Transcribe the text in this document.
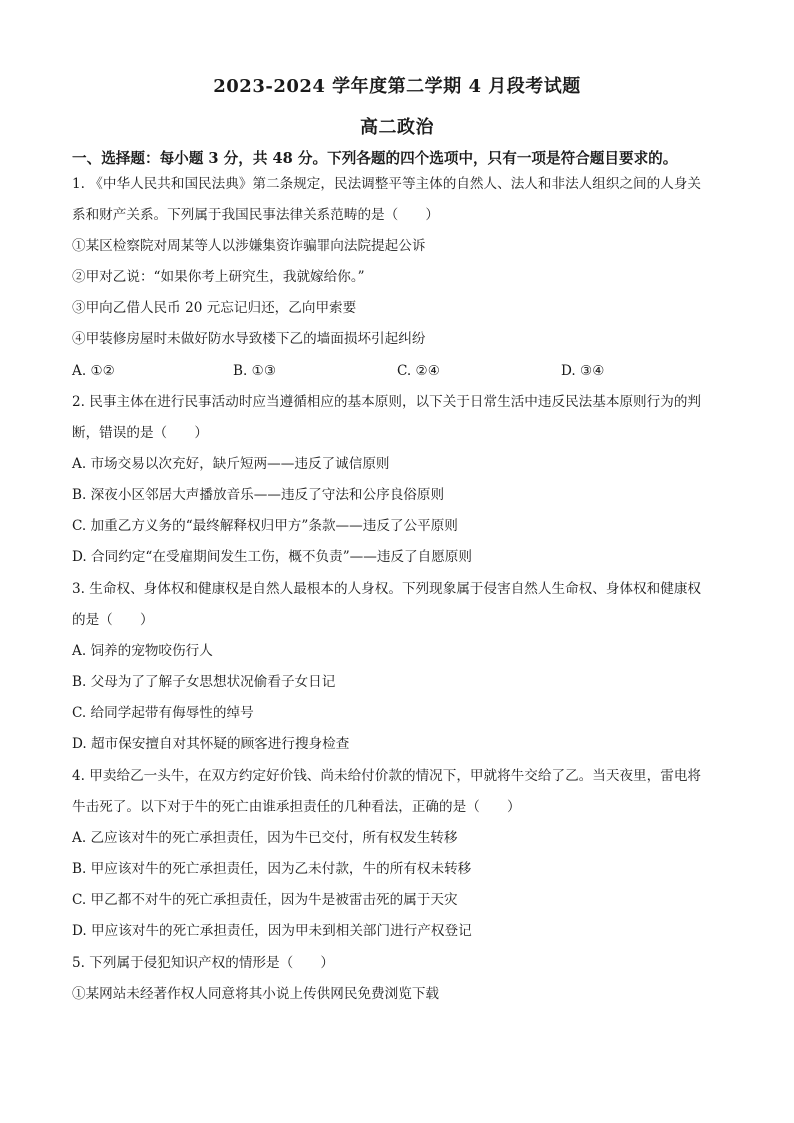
2023-2024 学年度第二学期 4 月段考试题
高二政治
一、选择题：每小题 3 分，共 48 分。下列各题的四个选项中，只有一项是符合题目要求的。
1. 《中华人民共和国民法典》第二条规定，民法调整平等主体的自然人、法人和非法人组织之间的人身关
系和财产关系。下列属于我国民事法律关系范畴的是（　　）
①某区检察院对周某等人以涉嫌集资诈骗罪向法院提起公诉
②甲对乙说：“如果你考上研究生，我就嫁给你。”
③甲向乙借人民币 20 元忘记归还，乙向甲索要
④甲装修房屋时未做好防水导致楼下乙的墙面损坏引起纠纷
A. ①②	B. ①③	C. ②④	D. ③④
2. 民事主体在进行民事活动时应当遵循相应的基本原则，以下关于日常生活中违反民法基本原则行为的判
断，错误的是（　　）
A. 市场交易以次充好，缺斤短两——违反了诚信原则
B. 深夜小区邻居大声播放音乐——违反了守法和公序良俗原则
C. 加重乙方义务的“最终解释权归甲方”条款——违反了公平原则
D. 合同约定“在受雇期间发生工伤，概不负责”——违反了自愿原则
3. 生命权、身体权和健康权是自然人最根本的人身权。下列现象属于侵害自然人生命权、身体权和健康权
的是（　　）
A. 饲养的宠物咬伤行人
B. 父母为了了解子女思想状况偷看子女日记
C. 给同学起带有侮辱性的绰号
D. 超市保安擅自对其怀疑的顾客进行搜身检查
4. 甲卖给乙一头牛，在双方约定好价钱、尚未给付价款的情况下，甲就将牛交给了乙。当天夜里，雷电将
牛击死了。以下对于牛的死亡由谁承担责任的几种看法，正确的是（　　）
A. 乙应该对牛的死亡承担责任，因为牛已交付，所有权发生转移
B. 甲应该对牛的死亡承担责任，因为乙未付款，牛的所有权未转移
C. 甲乙都不对牛的死亡承担责任，因为牛是被雷击死的属于天灾
D. 甲应该对牛的死亡承担责任，因为甲未到相关部门进行产权登记
5. 下列属于侵犯知识产权的情形是（　　）
①某网站未经著作权人同意将其小说上传供网民免费浏览下载
